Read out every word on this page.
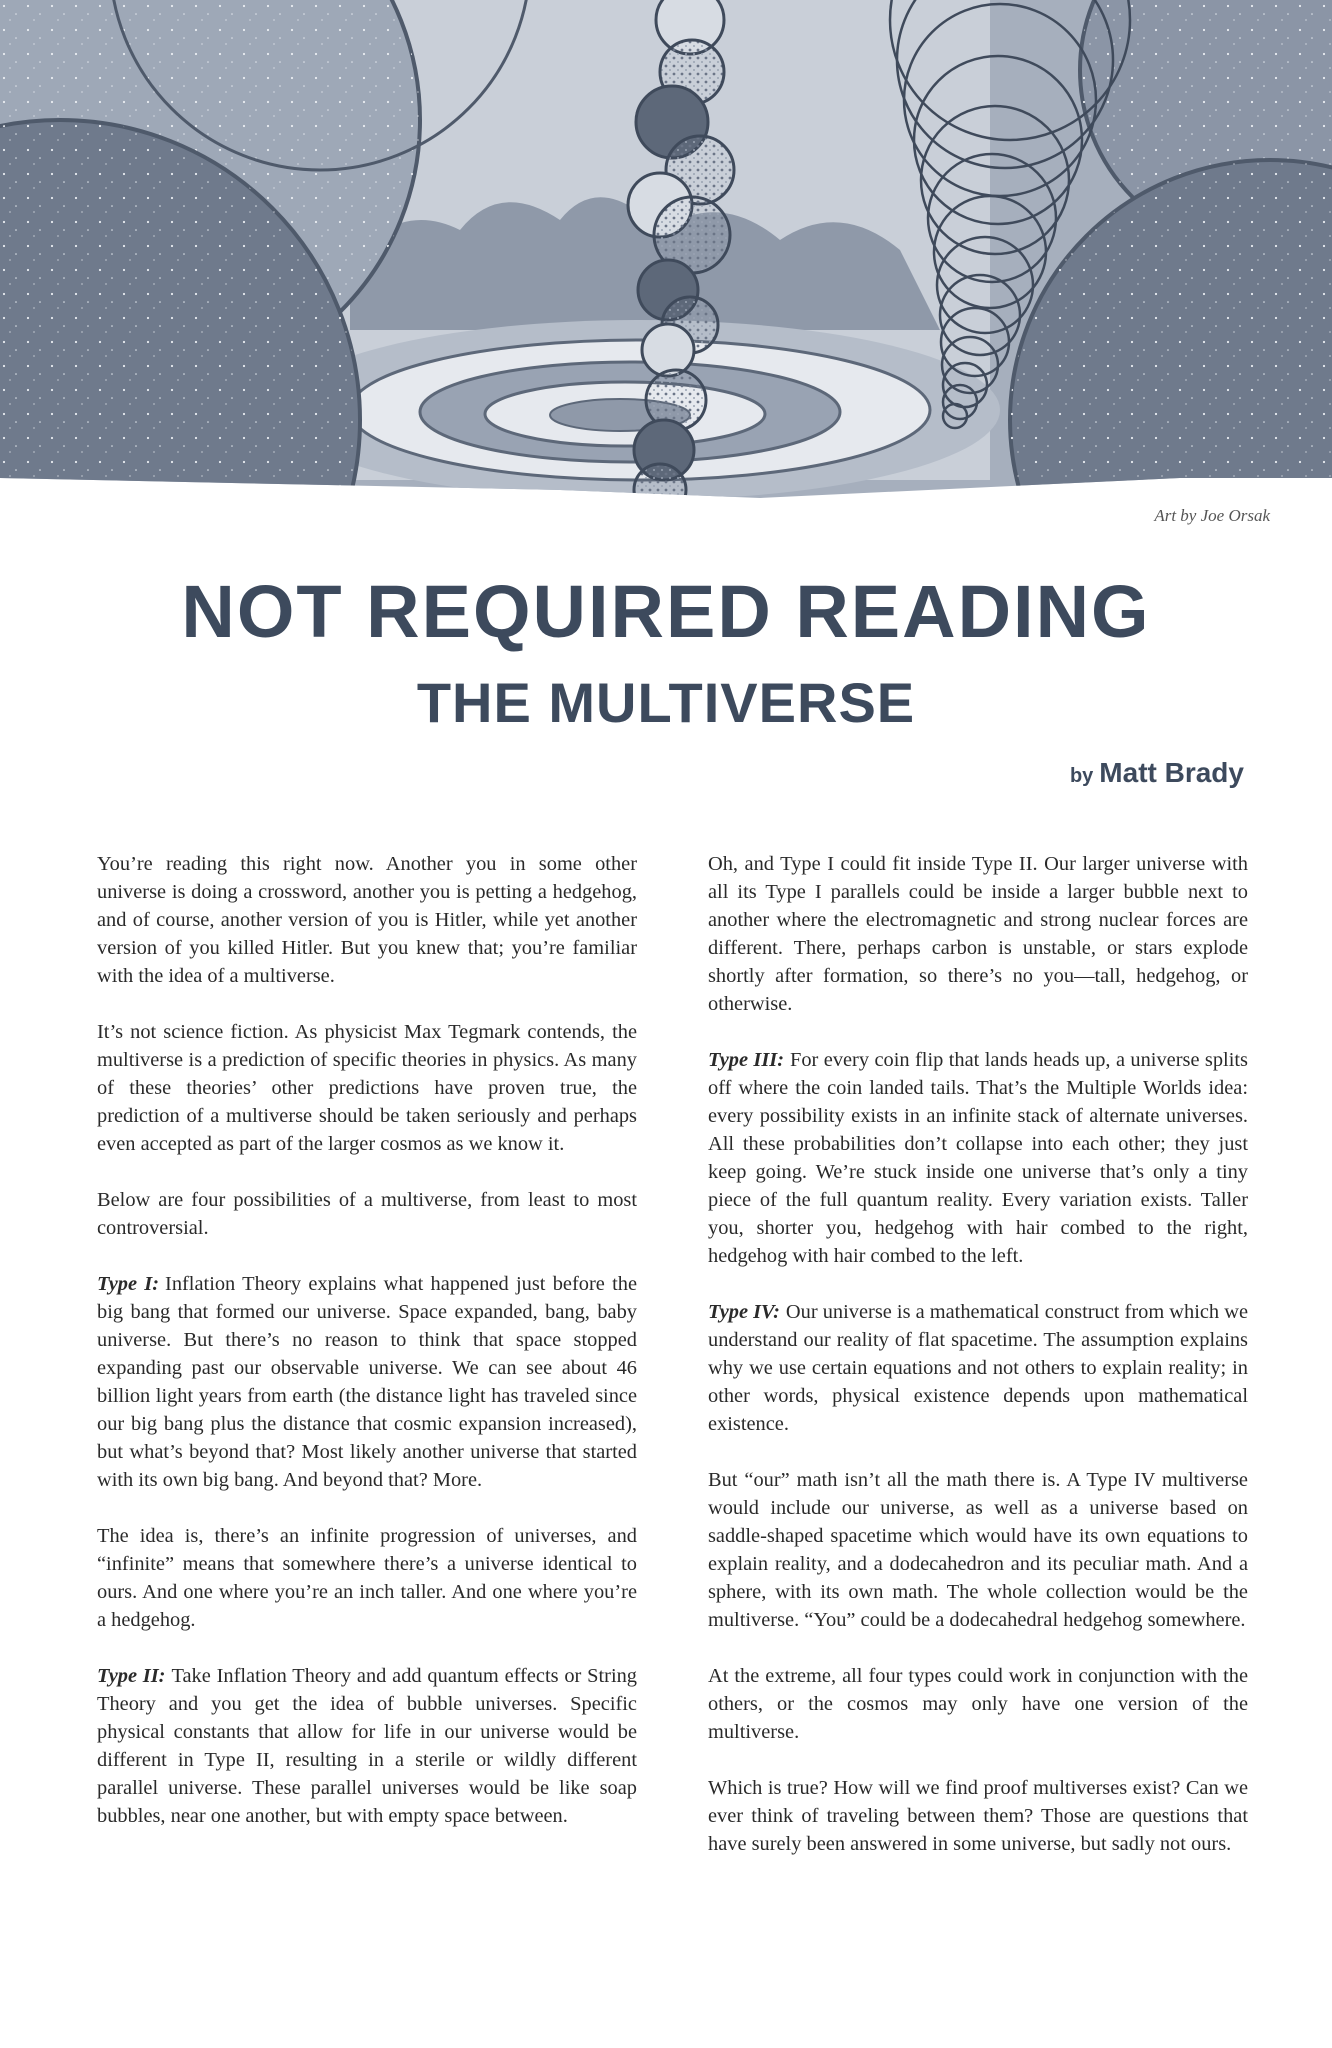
Art by Joe Orsak
NOT REQUIRED READING
THE MULTIVERSE
by Matt Brady

You’re reading this right now. Another you in some other universe is doing a crossword, another you is petting a hedgehog, and of course, another version of you is Hitler, while yet another version of you killed Hitler. But you knew that; you’re familiar with the idea of a multiverse.

It’s not science fiction. As physicist Max Tegmark contends, the multiverse is a prediction of specific theories in physics. As many of these theories’ other predictions have proven true, the prediction of a multiverse should be taken seriously and perhaps even accepted as part of the larger cosmos as we know it.

Below are four possibilities of a multiverse, from least to most controversial.

Type I: Inflation Theory explains what happened just before the big bang that formed our universe. Space expanded, bang, baby universe. But there’s no reason to think that space stopped expanding past our observable universe. We can see about 46 billion light years from earth (the distance light has traveled since our big bang plus the distance that cosmic expansion increased), but what’s beyond that? Most likely another universe that started with its own big bang. And beyond that? More.

The idea is, there’s an infinite progression of universes, and “infinite” means that somewhere there’s a universe identical to ours. And one where you’re an inch taller. And one where you’re a hedgehog.

Type II: Take Inflation Theory and add quantum effects or String Theory and you get the idea of bubble universes. Specific physical constants that allow for life in our universe would be different in Type II, resulting in a sterile or wildly different parallel universe. These parallel universes would be like soap bubbles, near one another, but with empty space between.

Oh, and Type I could fit inside Type II. Our larger universe with all its Type I parallels could be inside a larger bubble next to another where the electromagnetic and strong nuclear forces are different. There, perhaps carbon is unstable, or stars explode shortly after formation, so there’s no you—tall, hedgehog, or otherwise.

Type III: For every coin flip that lands heads up, a universe splits off where the coin landed tails. That’s the Multiple Worlds idea: every possibility exists in an infinite stack of alternate universes. All these probabilities don’t collapse into each other; they just keep going. We’re stuck inside one universe that’s only a tiny piece of the full quantum reality. Every variation exists. Taller you, shorter you, hedgehog with hair combed to the right, hedgehog with hair combed to the left.

Type IV: Our universe is a mathematical construct from which we understand our reality of flat spacetime. The assumption explains why we use certain equations and not others to explain reality; in other words, physical existence depends upon mathematical existence.

But “our” math isn’t all the math there is. A Type IV multiverse would include our universe, as well as a universe based on saddle-shaped spacetime which would have its own equations to explain reality, and a dodecahedron and its peculiar math. And a sphere, with its own math. The whole collection would be the multiverse. “You” could be a dodecahedral hedgehog somewhere.

At the extreme, all four types could work in conjunction with the others, or the cosmos may only have one version of the multiverse.

Which is true? How will we find proof multiverses exist? Can we ever think of traveling between them? Those are questions that have surely been answered in some universe, but sadly not ours.
